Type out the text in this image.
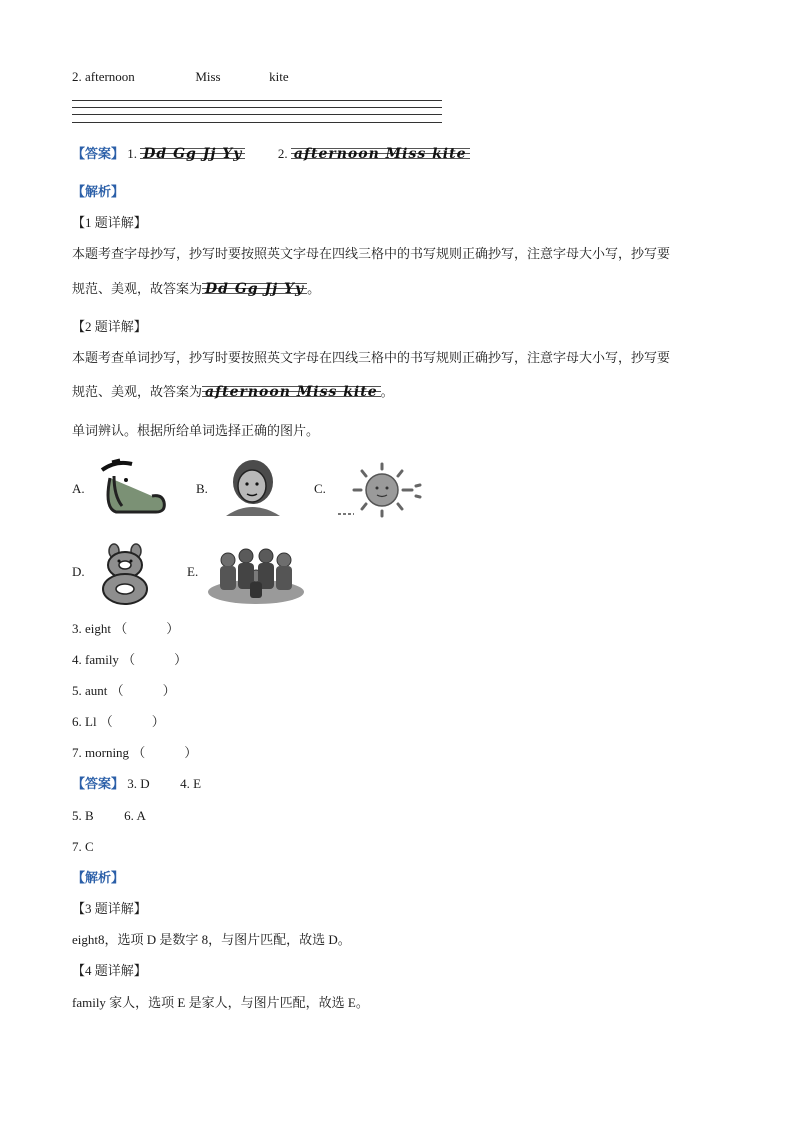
2. afternoon	Miss	kite
【答案】 1. Dd Gg Jj Yy	2. afternoon Miss kite
【解析】
【1 题详解】
本题考查字母抄写，抄写时要按照英文字母在四线三格中的书写规则正确抄写，注意字母大小写，抄写要
规范、美观，故答案为 Dd Gg Jj Yy 。
【2 题详解】
本题考查单词抄写，抄写时要按照英文字母在四线三格中的书写规则正确抄写，注意字母大小写，抄写要
规范、美观，故答案为 afternoon Miss kite 。
单词辨认。根据所给单词选择正确的图片。
A.	B.	C.
D.	E.
3. eight （　　　）
4. family （　　　）
5. aunt （　　　）
6. Ll （　　　）
7. morning （　　　）
【答案】 3. D 4. E
5. B 6. A
7. C
【解析】
【3 题详解】
eight8，选项 D 是数字 8，与图片匹配，故选 D。
【4 题详解】
family 家人，选项 E 是家人，与图片匹配，故选 E。
